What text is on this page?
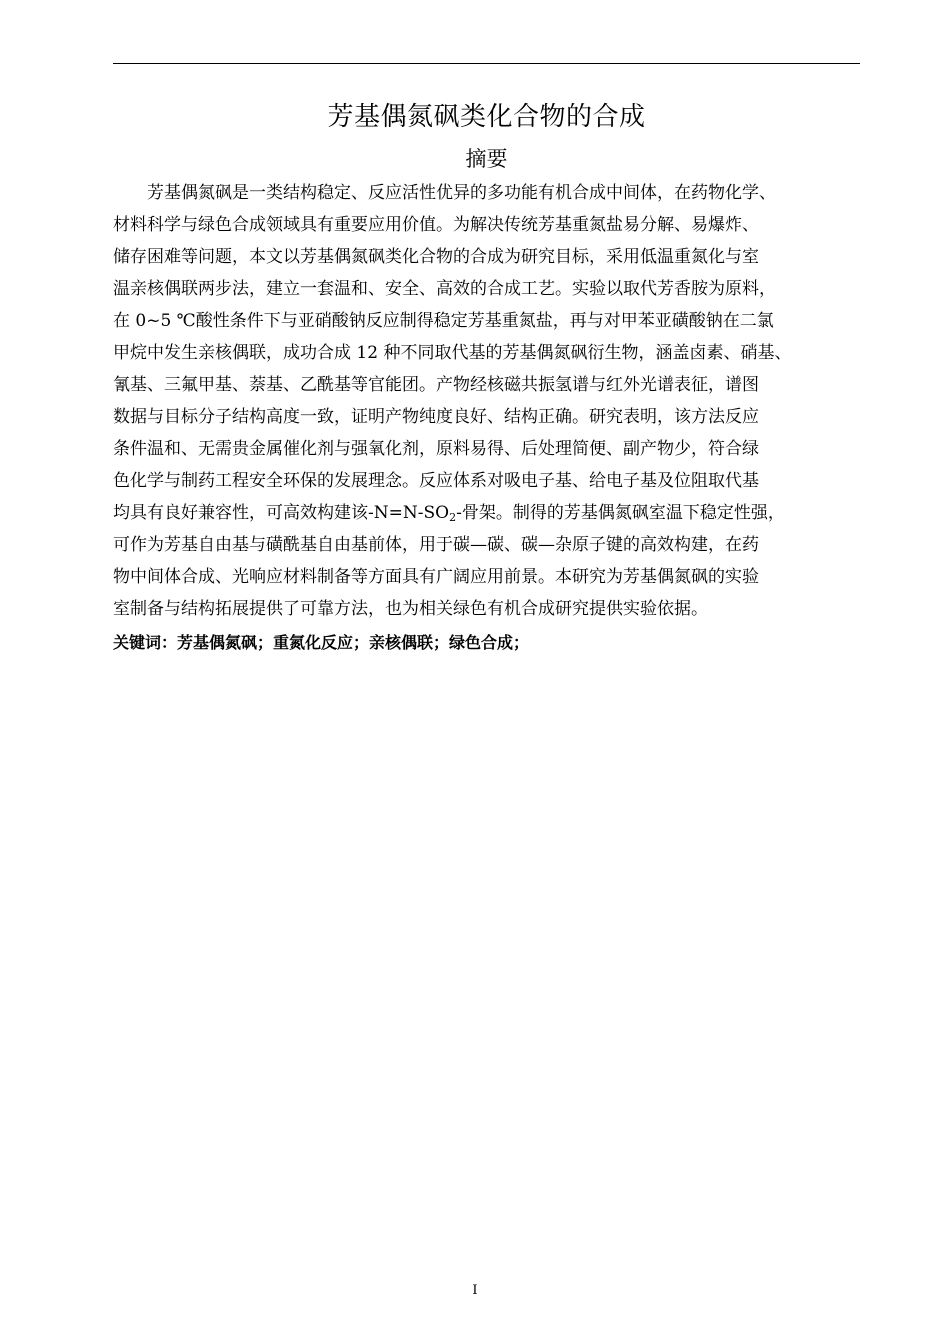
芳基偶氮砜类化合物的合成
摘要
芳基偶氮砜是一类结构稳定、反应活性优异的多功能有机合成中间体，在药物化学、
材料科学与绿色合成领域具有重要应用价值。为解决传统芳基重氮盐易分解、易爆炸、
储存困难等问题，本文以芳基偶氮砜类化合物的合成为研究目标，采用低温重氮化与室
温亲核偶联两步法，建立一套温和、安全、高效的合成工艺。实验以取代芳香胺为原料，
在 0~5 ℃酸性条件下与亚硝酸钠反应制得稳定芳基重氮盐，再与对甲苯亚磺酸钠在二氯
甲烷中发生亲核偶联，成功合成 12 种不同取代基的芳基偶氮砜衍生物，涵盖卤素、硝基、
氰基、三氟甲基、萘基、乙酰基等官能团。产物经核磁共振氢谱与红外光谱表征，谱图
数据与目标分子结构高度一致，证明产物纯度良好、结构正确。研究表明，该方法反应
条件温和、无需贵金属催化剂与强氧化剂，原料易得、后处理简便、副产物少，符合绿
色化学与制药工程安全环保的发展理念。反应体系对吸电子基、给电子基及位阻取代基
均具有良好兼容性，可高效构建该$-N=N-SO_2-$骨架。制得的芳基偶氮砜室温下稳定性强，
可作为芳基自由基与磺酰基自由基前体，用于碳—碳、碳—杂原子键的高效构建，在药
物中间体合成、光响应材料制备等方面具有广阔应用前景。本研究为芳基偶氮砜的实验
室制备与结构拓展提供了可靠方法，也为相关绿色有机合成研究提供实验依据。
关键词：芳基偶氮砜；重氮化反应；亲核偶联；绿色合成；
I
